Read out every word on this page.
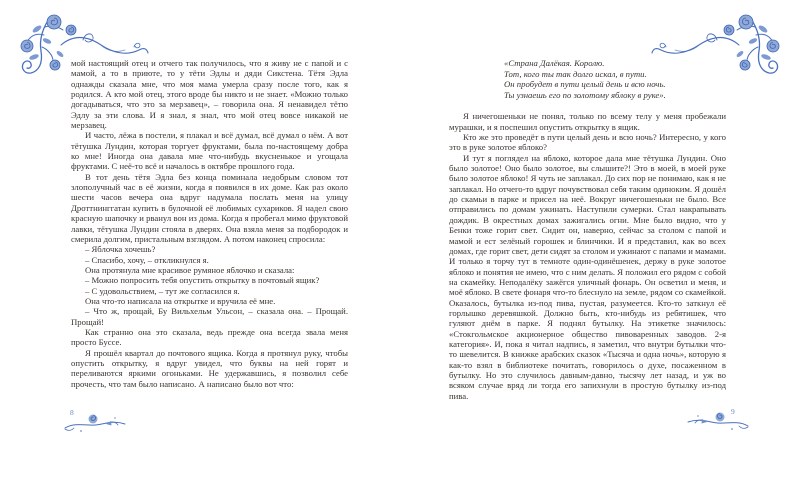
мой настоящий отец и отчего так получилось, что я живу не с папой и с мамой, а то в приюте, то у тёти Эдлы и дяди Сикстена. Тётя Эдла однажды сказала мне, что моя мама умерла сразу после того, как я родился. А кто мой отец, этого вроде бы никто и не знает. «Можно только догадываться, что это за мерзавец», – говорила она. Я ненавидел тётю Эдлу за эти слова. И я знал, я знал, что мой отец вовсе никакой не мерзавец.

И часто, лёжа в постели, я плакал и всё думал, всё думал о нём. А вот тётушка Лундин, которая торгует фруктами, была по-настоящему добра ко мне! Иногда она давала мне что-нибудь вкусненькое и угощала фруктами. С неё-то всё и началось в октябре прошлого года.

В тот день тётя Эдла без конца поминала недобрым словом тот злополучный час в её жизни, когда я появился в их доме. Как раз около шести часов вечера она вдруг надумала послать меня на улицу Дроттнинггатан купить в булочной её любимых сухариков. Я надел свою красную шапочку и рванул вон из дома. Когда я пробегал мимо фруктовой лавки, тётушка Лундин стояла в дверях. Она взяла меня за подбородок и смерила долгим, пристальным взглядом. А потом наконец спросила:

– Яблочка хочешь?

– Спасибо, хочу, – откликнулся я.

Она протянула мне красивое румяное яблочко и сказала:

– Можно попросить тебя опустить открытку в почтовый ящик?

– С удовольствием, – тут же согласился я.

Она что-то написала на открытке и вручила её мне.

– Что ж, прощай, Бу Вильхельм Ульсон, – сказала она. – Прощай. Прощай!

Как странно она это сказала, ведь прежде она всегда звала меня просто Буссе.

Я прошёл квартал до почтового ящика. Когда я протянул руку, чтобы опустить открытку, я вдруг увидел, что буквы на ней горят и переливаются яркими огоньками. Не удержавшись, я позволил себе прочесть, что там было написано. А написано было вот что:

«Страна Далёкая. Королю.
Тот, кого ты так долго искал, в пути.
Он пробудет в пути целый день и всю ночь.
Ты узнаешь его по золотому яблоку в руке».

Я ничегошеньки не понял, только по всему телу у меня пробежали мурашки, и я поспешил опустить открытку в ящик.

Кто же это проведёт в пути целый день и всю ночь? Интересно, у кого это в руке золотое яблоко?

И тут я поглядел на яблоко, которое дала мне тётушка Лундин. Оно было золотое! Оно было золотое, вы слышите?! Это в моей, в моей руке было золотое яблоко! Я чуть не заплакал. До сих пор не понимаю, как я не заплакал. Но отчего-то вдруг почувствовал себя таким одиноким. Я дошёл до скамьи в парке и присел на неё. Вокруг ничегошеньки не было. Все отправились по домам ужинать. Наступили сумерки. Стал накрапывать дождик. В окрестных домах зажигались огни. Мне было видно, что у Бенки тоже горит свет. Сидит он, наверно, сейчас за столом с папой и мамой и ест зелёный горошек и блинчики. И я представил, как во всех домах, где горит свет, дети сидят за столом и ужинают с папами и мамами. И только я торчу тут в темноте один-одинёшенек, держу в руке золотое яблоко и понятия не имею, что с ним делать. Я положил его рядом с собой на скамейку. Неподалёку зажёгся уличный фонарь. Он осветил и меня, и моё яблоко. В свете фонаря что-то блеснуло на земле, рядом со скамейкой. Оказалось, бутылка из-под пива, пустая, разумеется. Кто-то заткнул её горлышко деревяшкой. Должно быть, кто-нибудь из ребятишек, что гуляют днём в парке. Я поднял бутылку. На этикетке значилось: «Стокгольмское акционерное общество пивоваренных заводов. 2-я категория». И, пока я читал надпись, я заметил, что внутри бутылки что-то шевелится. В книжке арабских сказок «Тысяча и одна ночь», которую я как-то взял в библиотеке почитать, говорилось о духе, посаженном в бутылку. Но это случилось давным-давно, тысячу лет назад, и уж во всяком случае вряд ли тогда его запихнули в простую бутылку из-под пива.

8	9
